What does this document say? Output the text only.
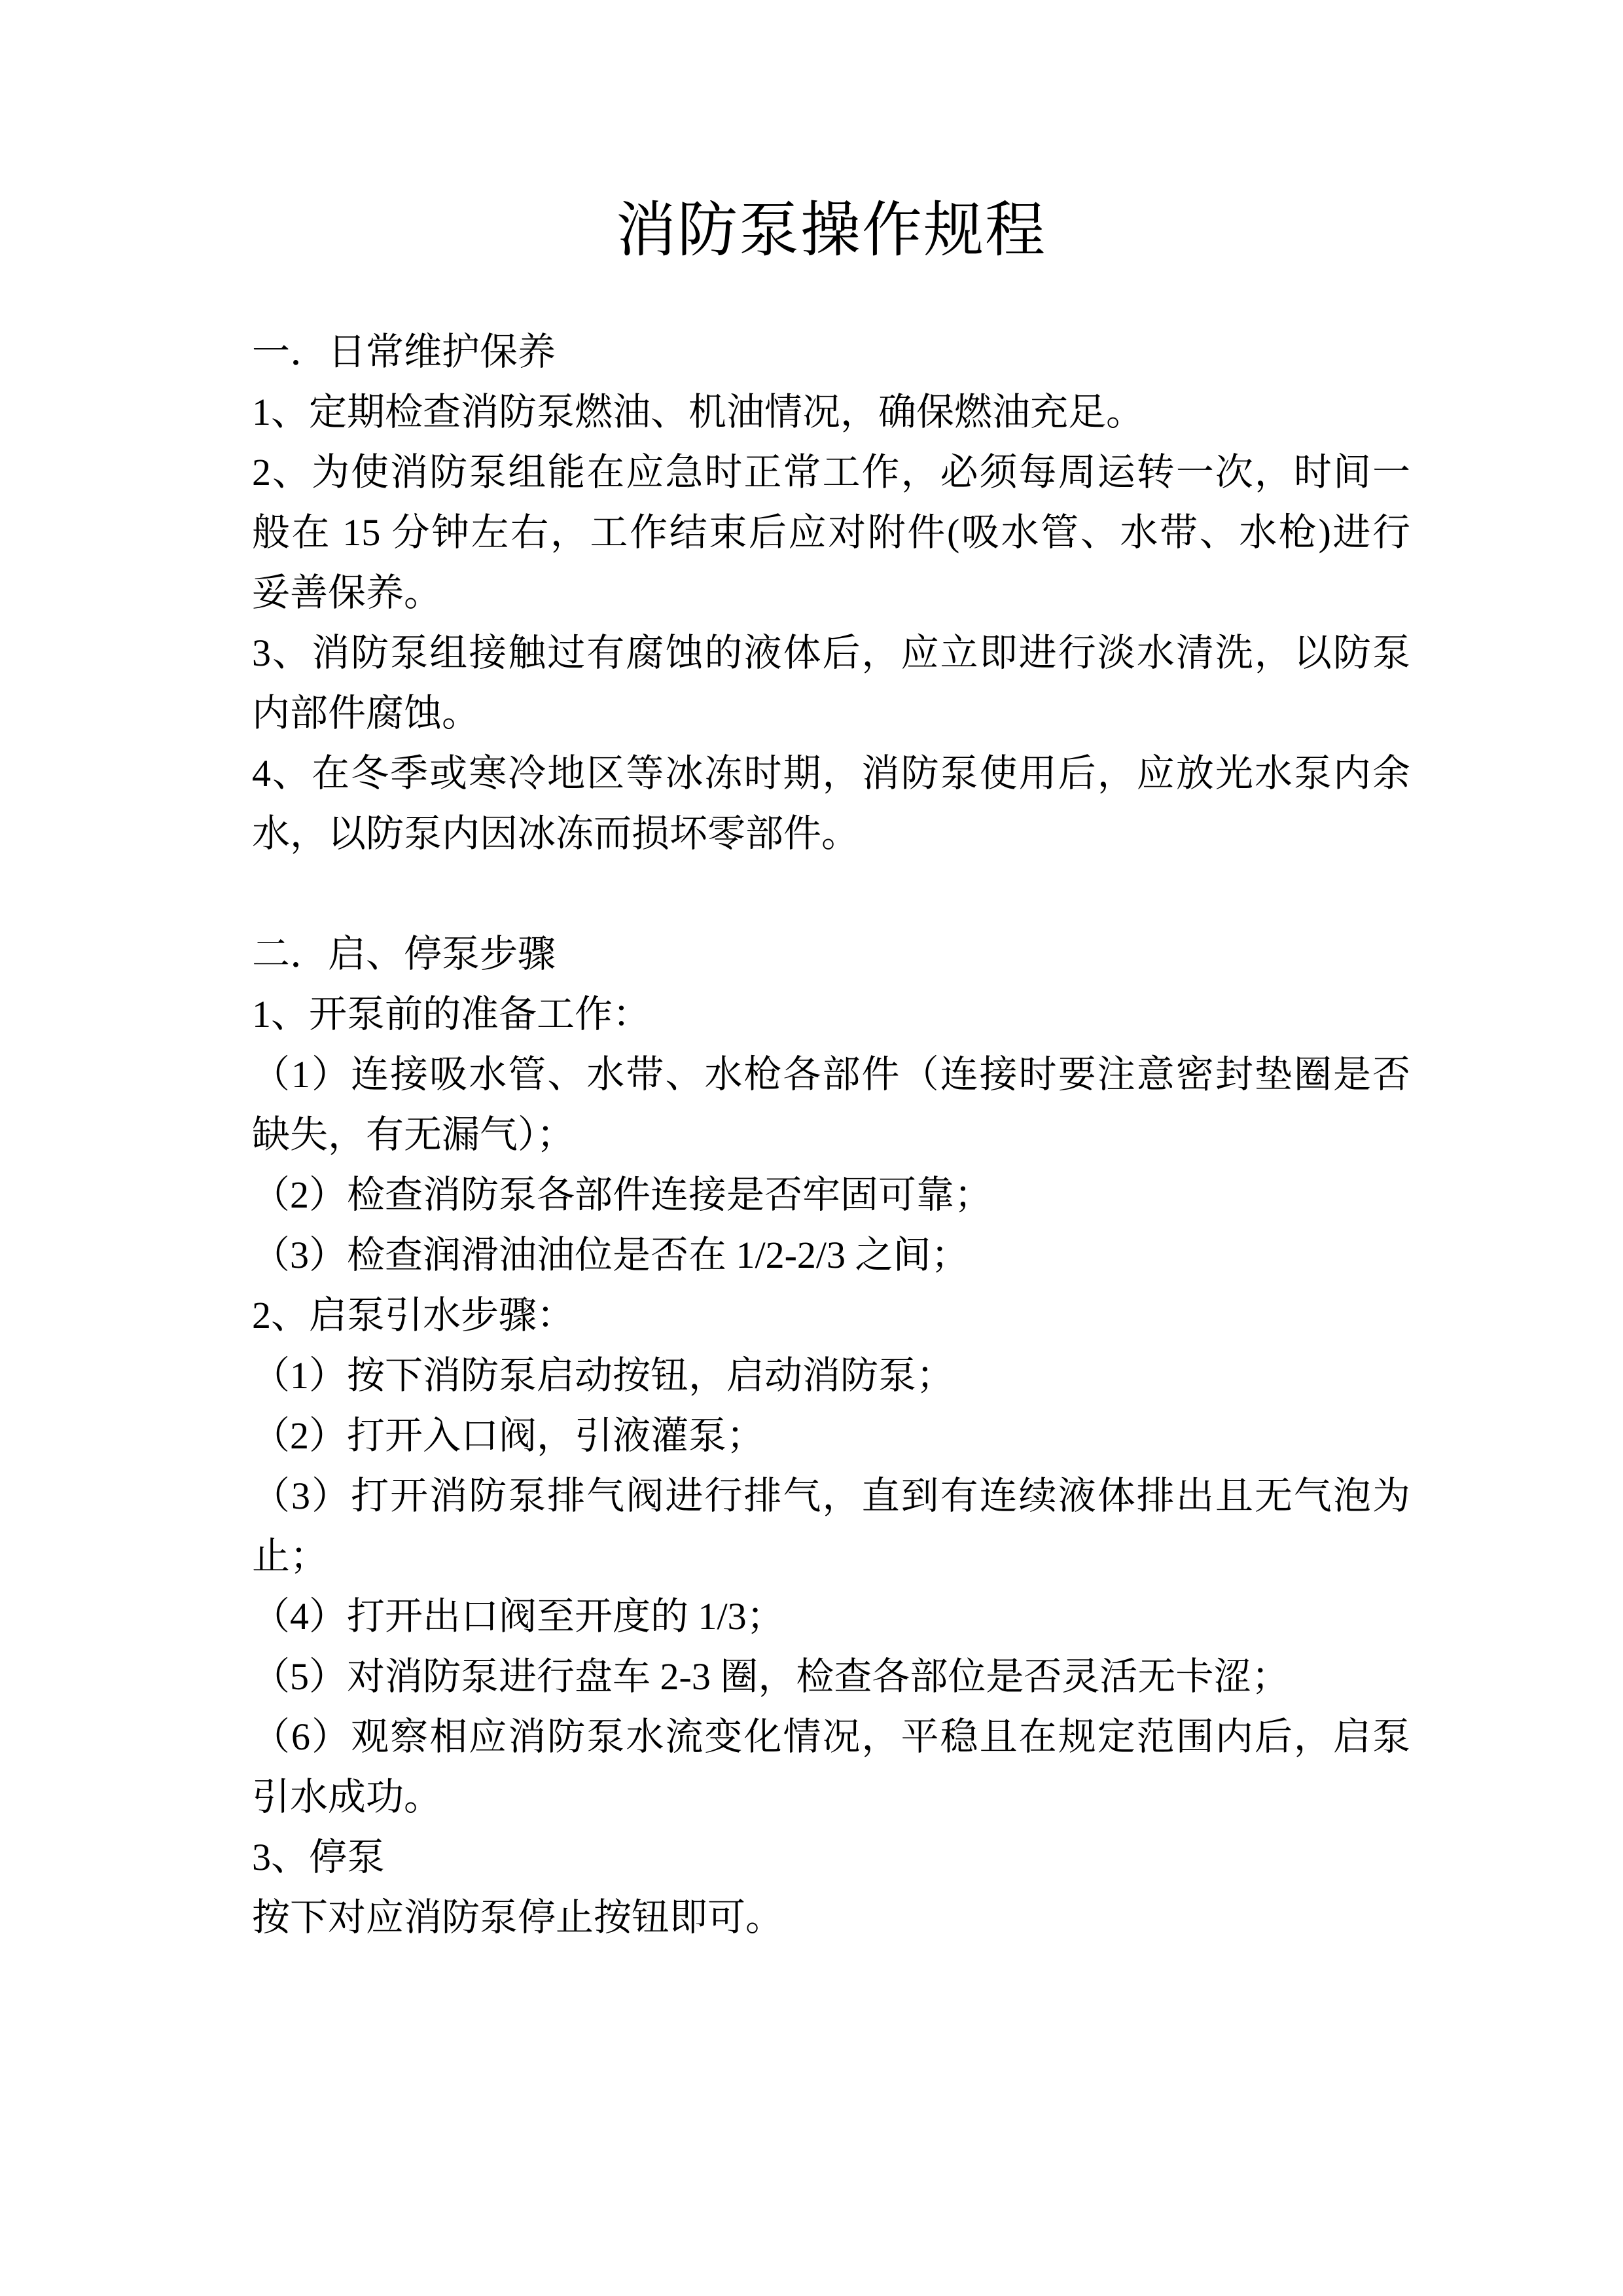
消防泵操作规程
一．日常维护保养
1、定期检查消防泵燃油、机油情况，确保燃油充足。
2、为使消防泵组能在应急时正常工作，必须每周运转一次，时间一
般在 15 分钟左右，工作结束后应对附件(吸水管、水带、水枪)进行
妥善保养。
3、消防泵组接触过有腐蚀的液体后，应立即进行淡水清洗，以防泵
内部件腐蚀。
4、在冬季或寒冷地区等冰冻时期，消防泵使用后，应放光水泵内余
水，以防泵内因冰冻而损坏零部件。
二．启、停泵步骤
1、开泵前的准备工作：
（1）连接吸水管、水带、水枪各部件（连接时要注意密封垫圈是否
缺失，有无漏气）；
（2）检查消防泵各部件连接是否牢固可靠；
（3）检查润滑油油位是否在 1/2-2/3 之间；
2、启泵引水步骤：
（1）按下消防泵启动按钮，启动消防泵；
（2）打开入口阀，引液灌泵；
（3）打开消防泵排气阀进行排气，直到有连续液体排出且无气泡为
止；
（4）打开出口阀至开度的 1/3；
（5）对消防泵进行盘车 2-3 圈，检查各部位是否灵活无卡涩；
（6）观察相应消防泵水流变化情况，平稳且在规定范围内后，启泵
引水成功。
3、停泵
按下对应消防泵停止按钮即可。
